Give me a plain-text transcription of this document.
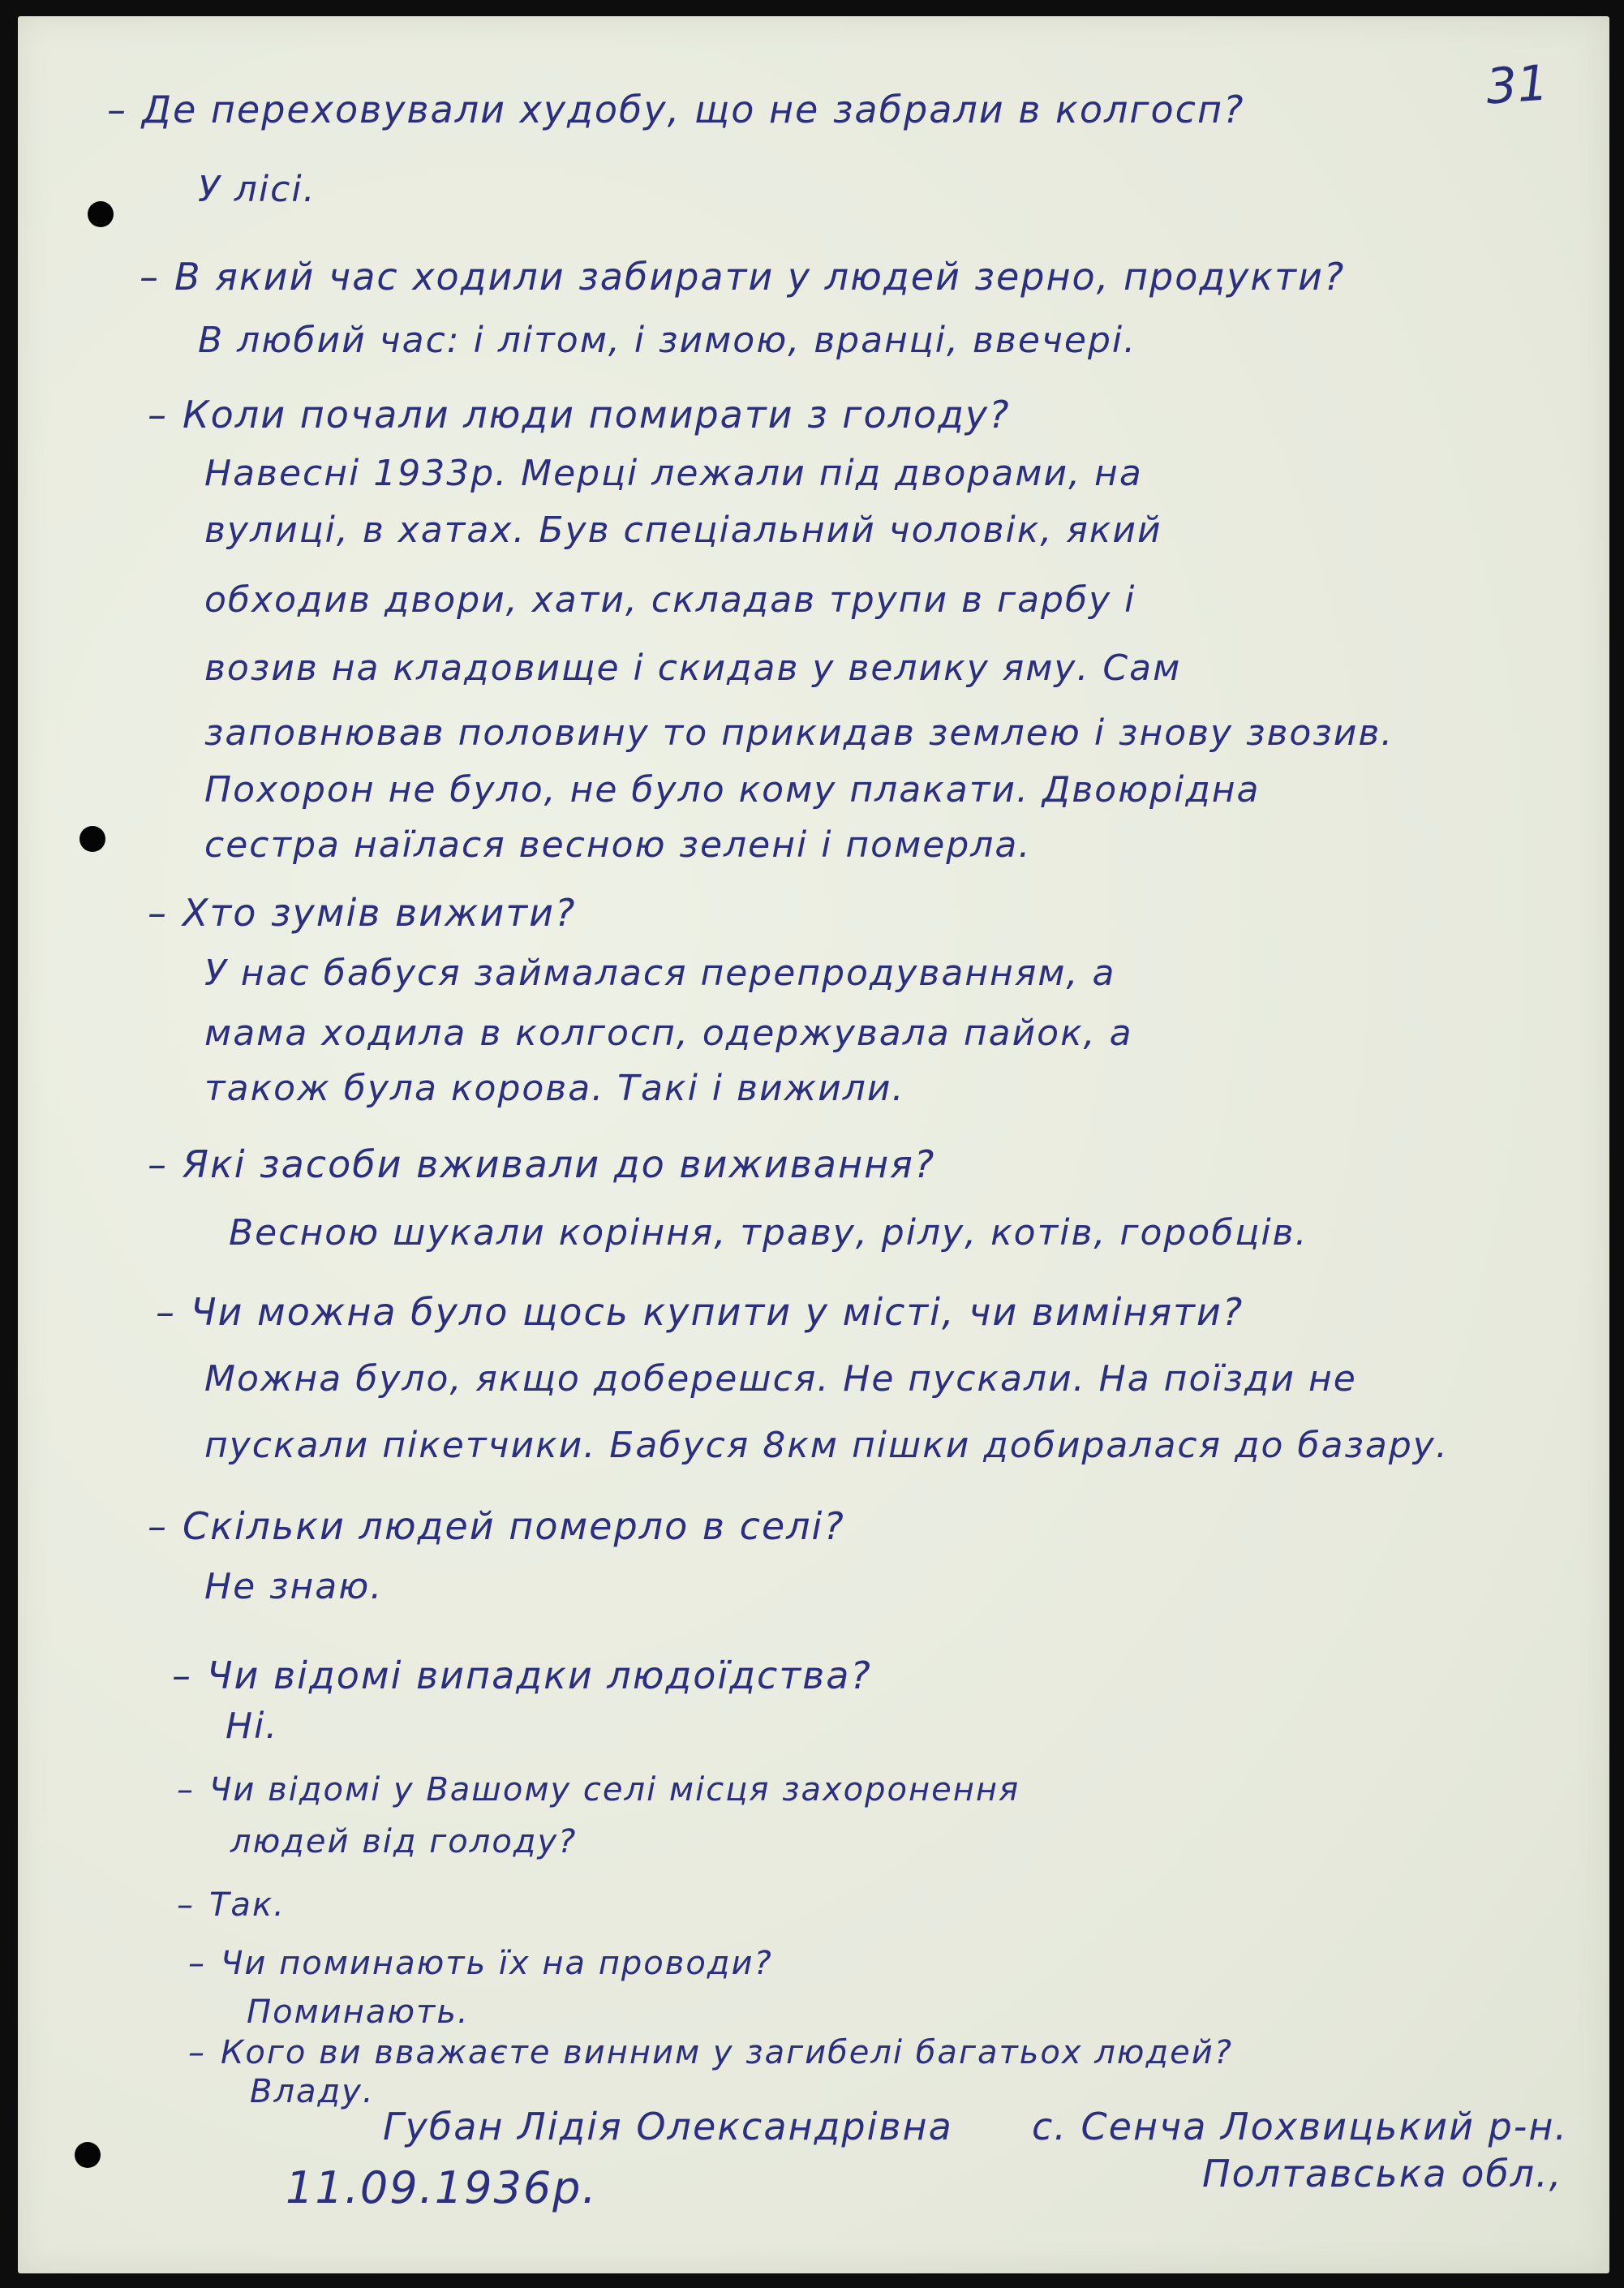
31
– Де переховували худобу, що не забрали в колгосп?
У лісі.
– В який час ходили забирати у людей зерно, продукти?
В любий час: і літом, і зимою, вранці, ввечері.
– Коли почали люди помирати з голоду?
Навесні 1933р. Мерці лежали під дворами, на
вулиці, в хатах. Був спеціальний чоловік, який
обходив двори, хати, складав трупи в гарбу і
возив на кладовище і скидав у велику яму. Сам
заповнював половину то прикидав землею і знову звозив.
Похорон не було, не було кому плакати. Двоюрідна
сестра наїлася весною зелені і померла.
– Хто зумів вижити?
У нас бабуся займалася перепродуванням, а
мама ходила в колгосп, одержувала пайок, а
також була корова. Такі і вижили.
– Які засоби вживали до виживання?
Весною шукали коріння, траву, рілу, котів, горобців.
– Чи можна було щось купити у місті, чи виміняти?
Можна було, якщо доберешся. Не пускали. На поїзди не
пускали пікетчики. Бабуся 8км пішки добиралася до базару.
– Скільки людей померло в селі?
Не знаю.
– Чи відомі випадки людоїдства?
Ні.
– Чи відомі у Вашому селі місця захоронення
людей від голоду?
– Так.
– Чи поминають їх на проводи?
Поминають.
– Кого ви вважаєте винним у загибелі багатьох людей?
Владу.
Губан Лідія Олександрівна с. Сенча Лохвицький р-н.
11.09.1936р.	Полтавська обл.,
